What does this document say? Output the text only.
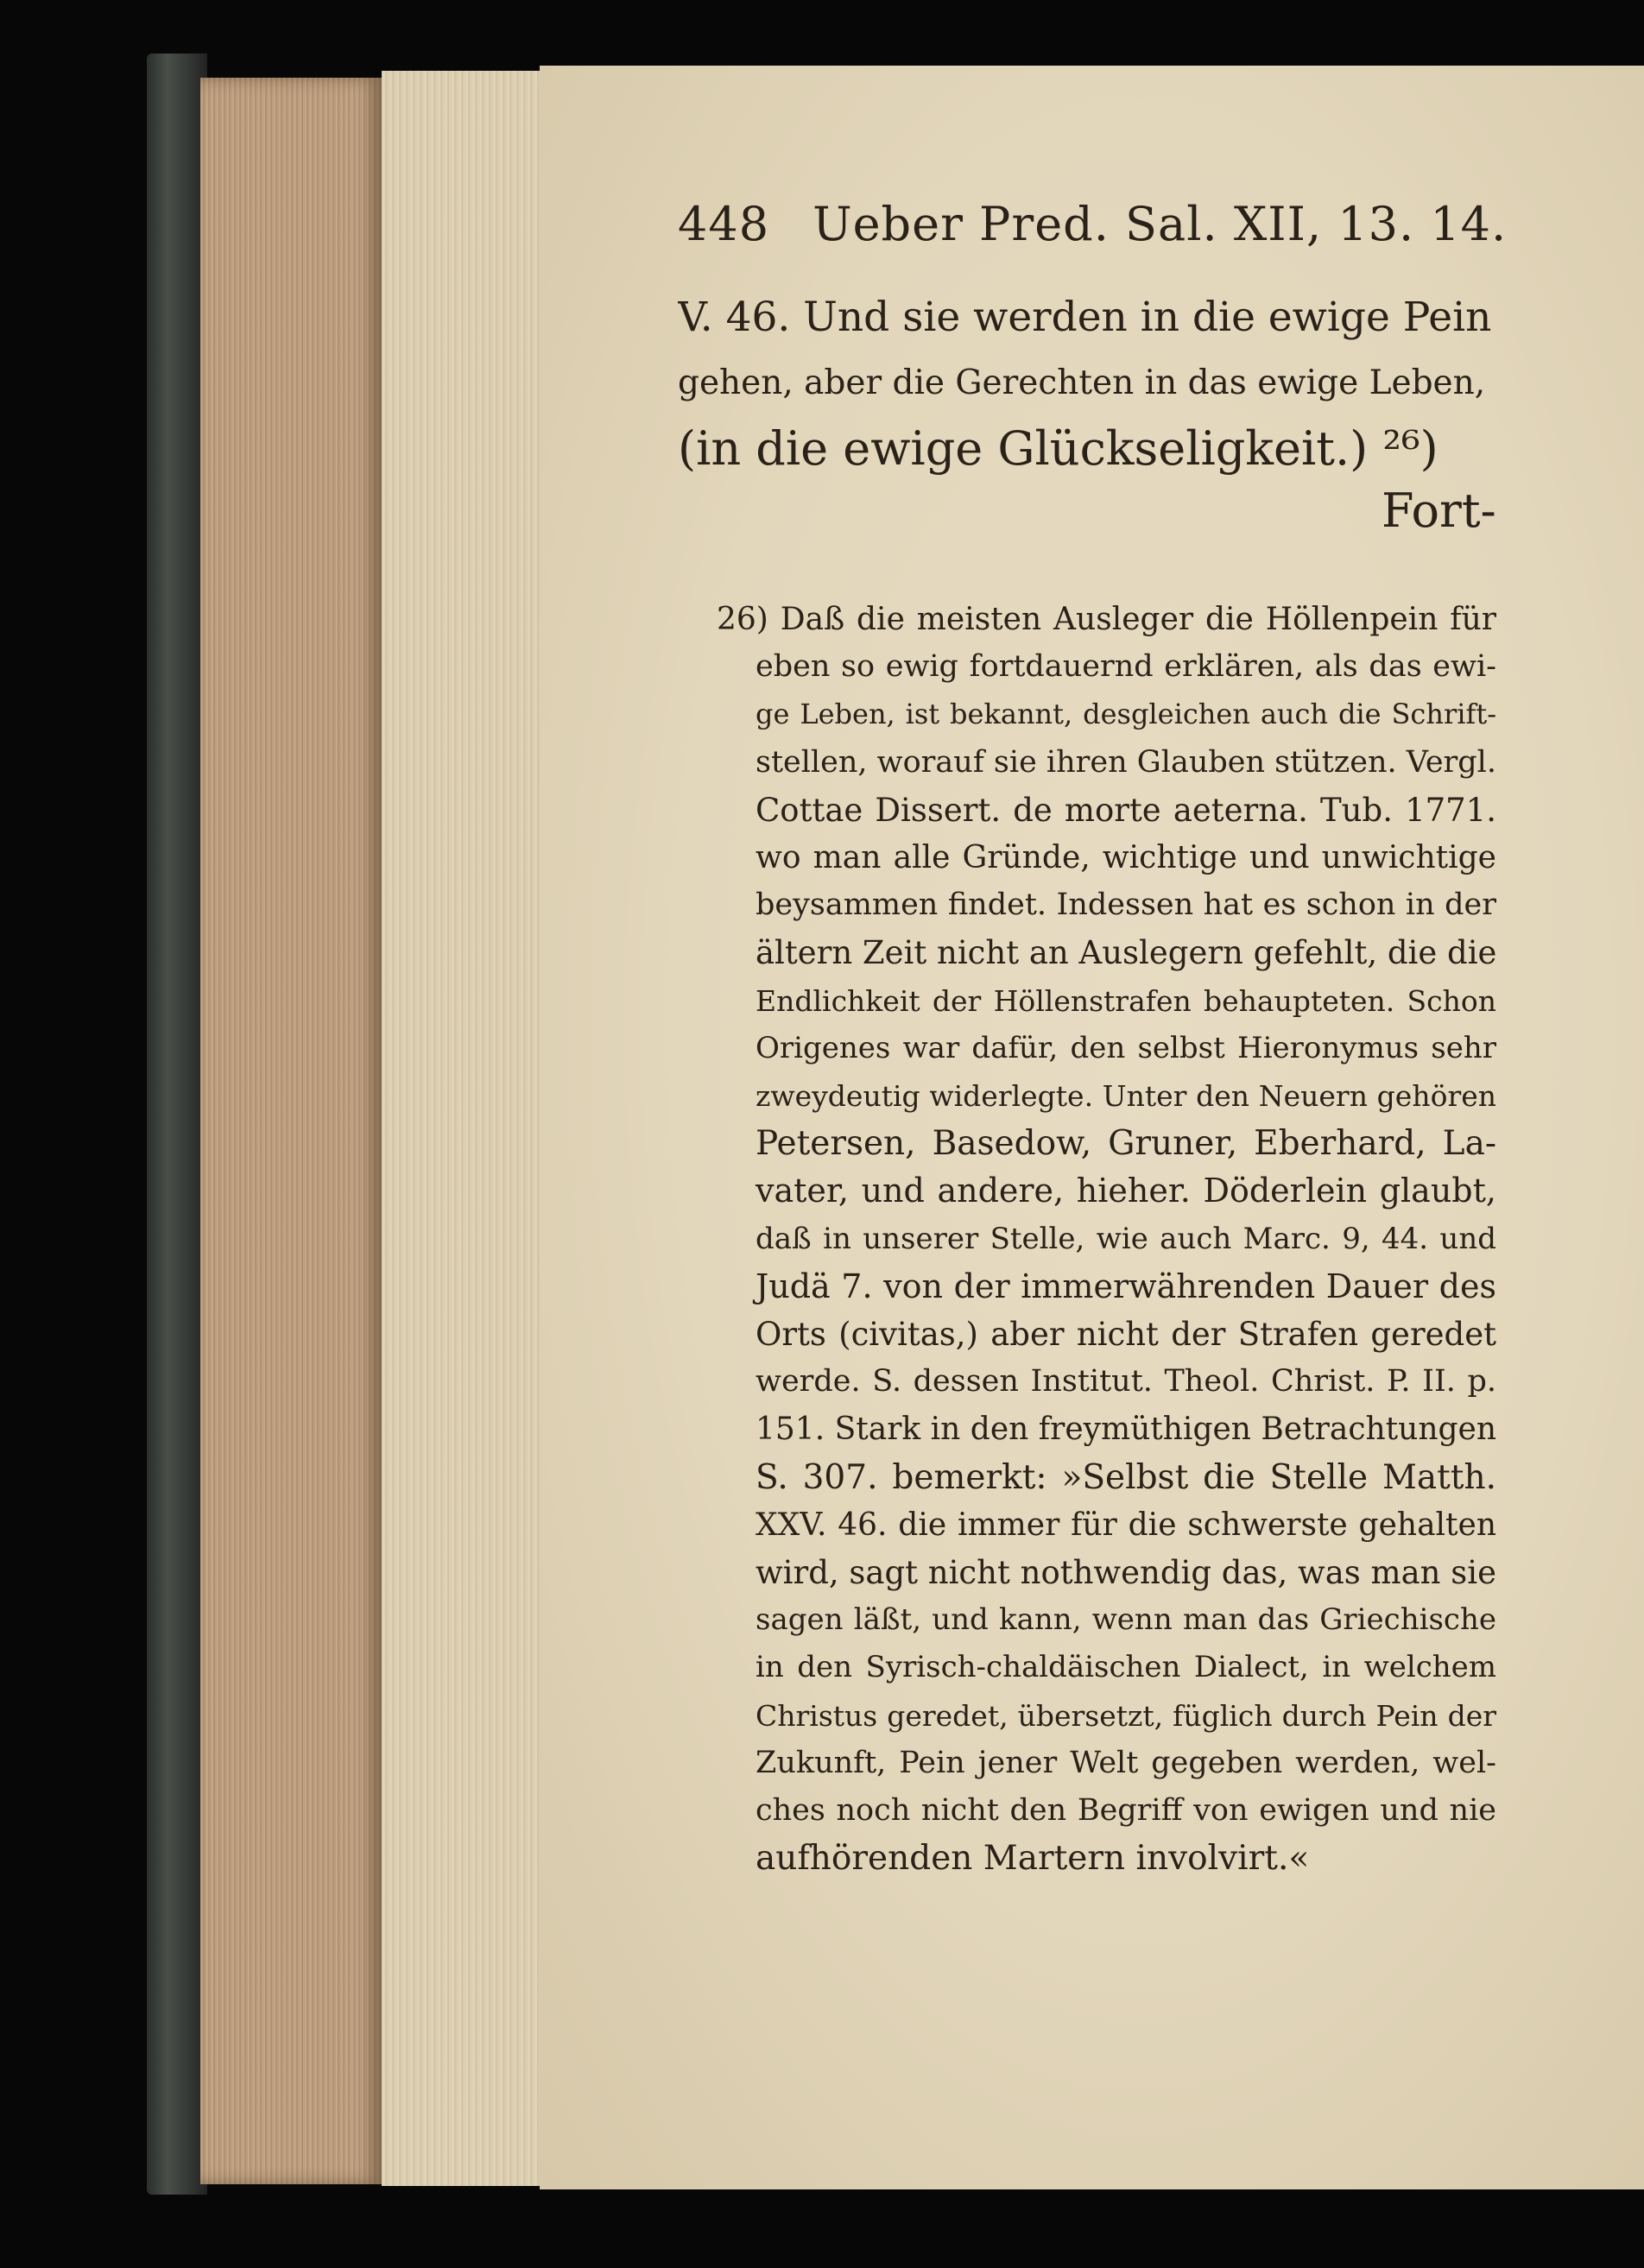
448 Ueber Pred. Sal. XII, 13. 14.
V. 46. Und sie werden in die ewige Pein
gehen, aber die Gerechten in das ewige Leben,
(in die ewige Glückseligkeit.) ²⁶)
Fort-
26) Daß die meisten Ausleger die Höllenpein für
eben so ewig fortdauernd erklären, als das ewi-
ge Leben, ist bekannt, desgleichen auch die Schrift-
stellen, worauf sie ihren Glauben stützen. Vergl.
Cottae Dissert. de morte aeterna. Tub. 1771.
wo man alle Gründe, wichtige und unwichtige
beysammen findet. Indessen hat es schon in der
ältern Zeit nicht an Auslegern gefehlt, die die
Endlichkeit der Höllenstrafen behaupteten. Schon
Origenes war dafür, den selbst Hieronymus sehr
zweydeutig widerlegte. Unter den Neuern gehören
Petersen, Basedow, Gruner, Eberhard, La-
vater, und andere, hieher. Döderlein glaubt,
daß in unserer Stelle, wie auch Marc. 9, 44. und
Judä 7. von der immerwährenden Dauer des
Orts (civitas,) aber nicht der Strafen geredet
werde. S. dessen Institut. Theol. Christ. P. II. p.
151. Stark in den freymüthigen Betrachtungen
S. 307. bemerkt: »Selbst die Stelle Matth.
XXV. 46. die immer für die schwerste gehalten
wird, sagt nicht nothwendig das, was man sie
sagen läßt, und kann, wenn man das Griechische
in den Syrisch-chaldäischen Dialect, in welchem
Christus geredet, übersetzt, füglich durch Pein der
Zukunft, Pein jener Welt gegeben werden, wel-
ches noch nicht den Begriff von ewigen und nie
aufhörenden Martern involvirt.«
